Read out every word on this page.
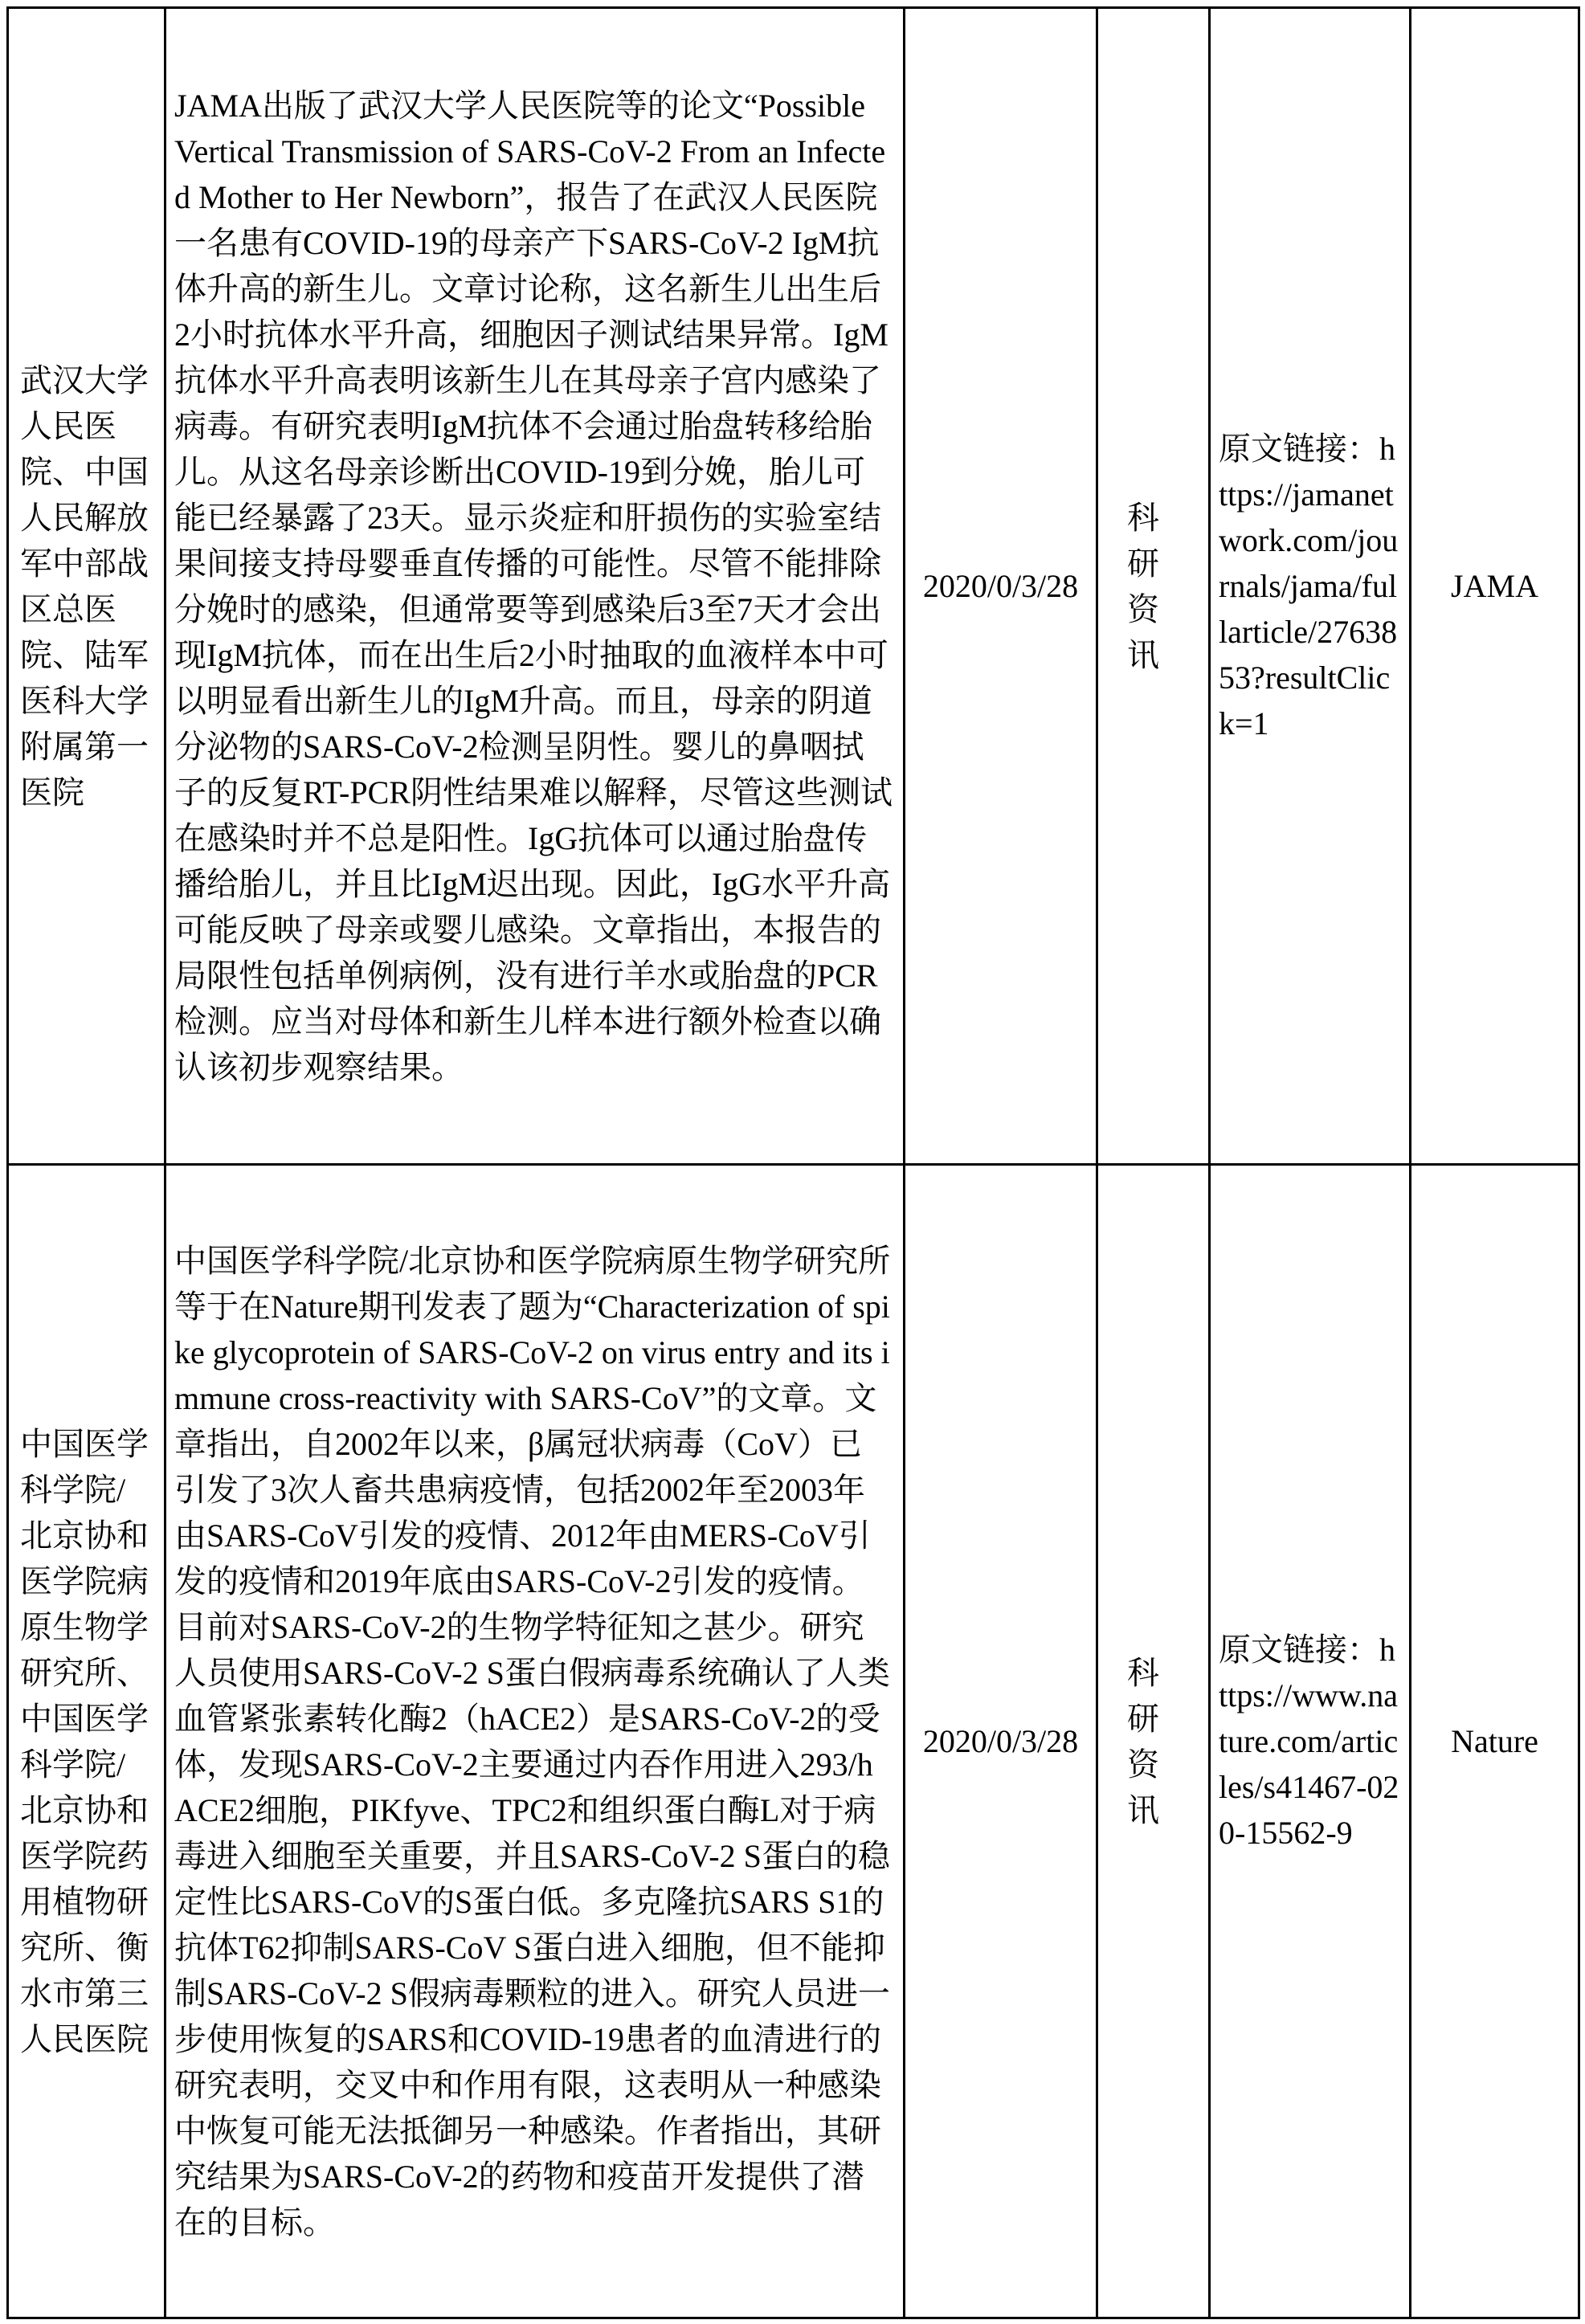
武汉大学人民医院、中国人民解放军中部战区总医院、陆军医科大学附属第一医院	JAMA出版了武汉大学人民医院等的论文“Possible Vertical Transmission of SARS-CoV-2 From an Infected Mother to Her Newborn”，报告了在武汉人民医院一名患有COVID-19的母亲产下SARS-CoV-2 IgM抗体升高的新生儿。文章讨论称，这名新生儿出生后2小时抗体水平升高，细胞因子测试结果异常。IgM抗体水平升高表明该新生儿在其母亲子宫内感染了病毒。有研究表明IgM抗体不会通过胎盘转移给胎儿。从这名母亲诊断出COVID-19到分娩，胎儿可能已经暴露了23天。显示炎症和肝损伤的实验室结果间接支持母婴垂直传播的可能性。尽管不能排除分娩时的感染，但通常要等到感染后3至7天才会出现IgM抗体，而在出生后2小时抽取的血液样本中可以明显看出新生儿的IgM升高。而且，母亲的阴道分泌物的SARS-CoV-2检测呈阴性。婴儿的鼻咽拭子的反复RT-PCR阴性结果难以解释，尽管这些测试在感染时并不总是阳性。IgG抗体可以通过胎盘传播给胎儿，并且比IgM迟出现。因此，IgG水平升高可能反映了母亲或婴儿感染。文章指出，本报告的局限性包括单例病例，没有进行羊水或胎盘的PCR检测。应当对母体和新生儿样本进行额外检查以确认该初步观察结果。	2020/0/3/28	科研资讯	原文链接：https://jamanetwork.com/journals/jama/fullarticle/2763853?resultClick=1	JAMA
中国医学科学院/北京协和医学院病原生物学研究所、中国医学科学院/北京协和医学院药用植物研究所、衡水市第三人民医院	中国医学科学院/北京协和医学院病原生物学研究所等于在Nature期刊发表了题为“Characterization of spike glycoprotein of SARS-CoV-2 on virus entry and its immune cross-reactivity with SARS-CoV”的文章。文章指出，自2002年以来，β属冠状病毒（CoV）已引发了3次人畜共患病疫情，包括2002年至2003年由SARS-CoV引发的疫情、2012年由MERS-CoV引发的疫情和2019年底由SARS-CoV-2引发的疫情。目前对SARS-CoV-2的生物学特征知之甚少。研究人员使用SARS-CoV-2 S蛋白假病毒系统确认了人类血管紧张素转化酶2（hACE2）是SARS-CoV-2的受体，发现SARS-CoV-2主要通过内吞作用进入293/hACE2细胞，PIKfyve、TPC2和组织蛋白酶L对于病毒进入细胞至关重要，并且SARS-CoV-2 S蛋白的稳定性比SARS-CoV的S蛋白低。多克隆抗SARS S1的抗体T62抑制SARS-CoV S蛋白进入细胞，但不能抑制SARS-CoV-2 S假病毒颗粒的进入。研究人员进一步使用恢复的SARS和COVID-19患者的血清进行的研究表明，交叉中和作用有限，这表明从一种感染中恢复可能无法抵御另一种感染。作者指出，其研究结果为SARS-CoV-2的药物和疫苗开发提供了潜在的目标。	2020/0/3/28	科研资讯	原文链接：https://www.nature.com/articles/s41467-020-15562-9	Nature
